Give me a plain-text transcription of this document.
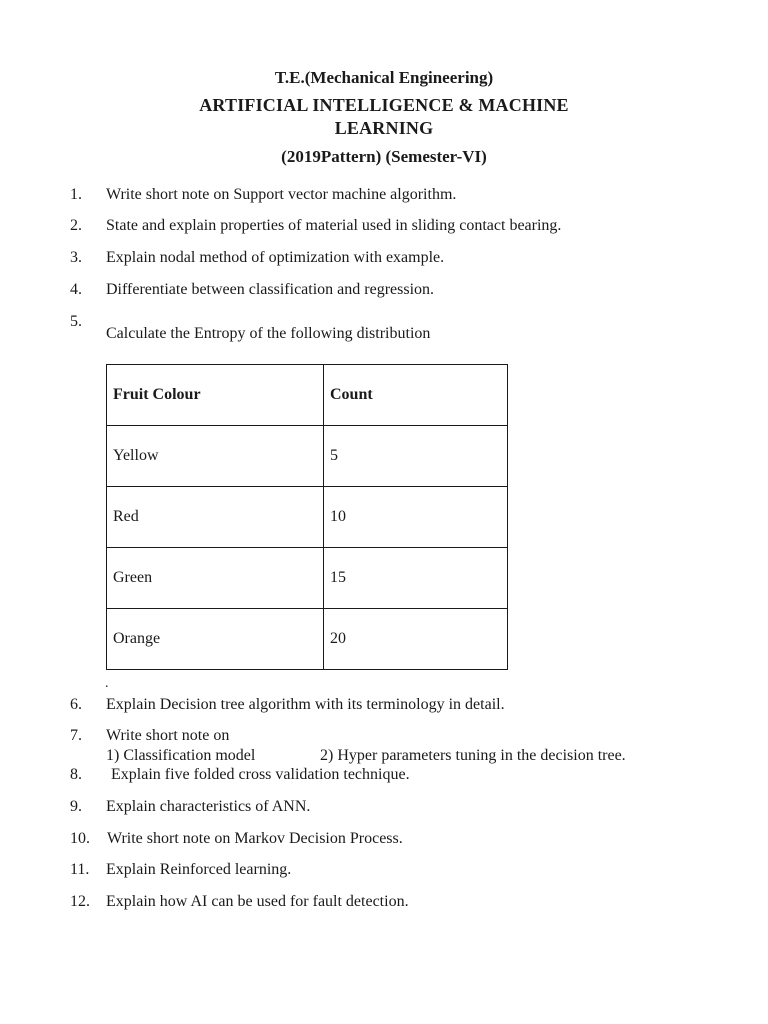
T.E.(Mechanical Engineering)
ARTIFICIAL INTELLIGENCE & MACHINE
LEARNING
(2019Pattern) (Semester-VI)
1. Write short note on Support vector machine algorithm.
2. State and explain properties of material used in sliding contact bearing.
3. Explain nodal method of optimization with example.
4. Differentiate between classification and regression.
5.
Calculate the Entropy of the following distribution
Fruit Colour	Count
Yellow	5
Red	10
Green	15
Orange	20
.
6. Explain Decision tree algorithm with its terminology in detail.
7. Write short note on
1) Classification model	2) Hyper parameters tuning in the decision tree.
8. Explain five folded cross validation technique.
9. Explain characteristics of ANN.
10. Write short note on Markov Decision Process.
11. Explain Reinforced learning.
12. Explain how AI can be used for fault detection.
